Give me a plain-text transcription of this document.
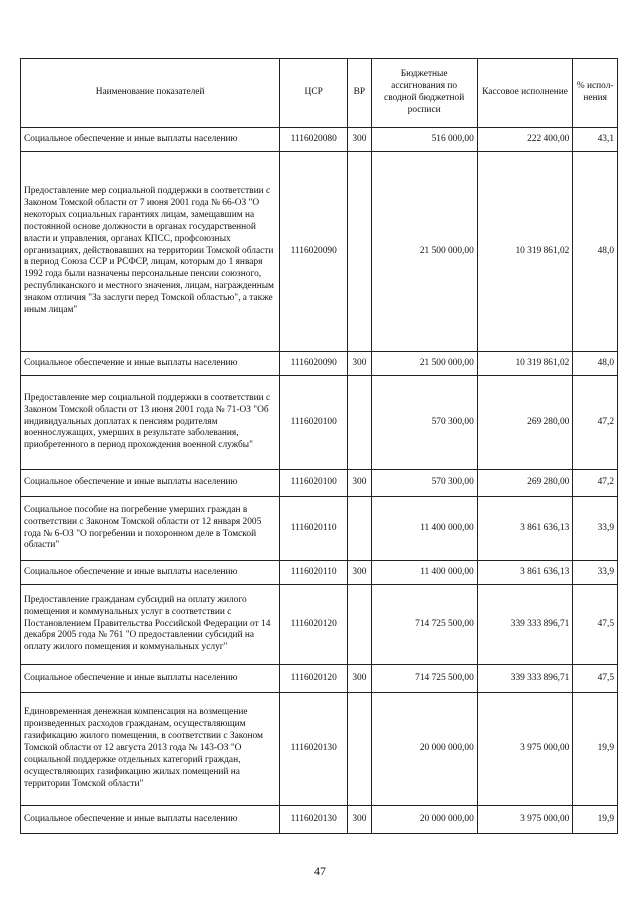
Наименование показателей	ЦСР	ВР	Бюджетные ассигнования по сводной бюджетной росписи	Кассовое исполнение	% испол-нения
Социальное обеспечение и иные выплаты населению	1116020080	300	516 000,00	222 400,00	43,1
Предоставление мер социальной поддержки в соответствии с Законом Томской области от 7 июня 2001 года № 66-ОЗ "О некоторых социальных гарантиях лицам, замещавшим на постоянной основе должности в органах государственной власти и управления, органах КПСС, профсоюзных организациях, действовавших на территории Томской области в период Союза ССР и РСФСР, лицам, которым до 1 января 1992 года были назначены персональные пенсии союзного, республиканского и местного значения, лицам, награжденным знаком отличия "За заслуги перед Томской областью", а также иным лицам"	1116020090		21 500 000,00	10 319 861,02	48,0
Социальное обеспечение и иные выплаты населению	1116020090	300	21 500 000,00	10 319 861,02	48,0
Предоставление мер социальной поддержки в соответствии с Законом Томской области от 13 июня 2001 года № 71-ОЗ "Об индивидуальных доплатах к пенсиям родителям военнослужащих, умерших в результате заболевания, приобретенного в период прохождения военной службы"	1116020100		570 300,00	269 280,00	47,2
Социальное обеспечение и иные выплаты населению	1116020100	300	570 300,00	269 280,00	47,2
Социальное пособие на погребение умерших граждан в соответствии с Законом Томской области от 12 января 2005 года № 6-ОЗ "О погребении и похоронном деле в Томской области"	1116020110		11 400 000,00	3 861 636,13	33,9
Социальное обеспечение и иные выплаты населению	1116020110	300	11 400 000,00	3 861 636,13	33,9
Предоставление гражданам субсидий на оплату жилого помещения и коммунальных услуг в соответствии с Постановлением Правительства Российской Федерации от 14 декабря 2005 года № 761 "О предоставлении субсидий на оплату жилого помещения и коммунальных услуг"	1116020120		714 725 500,00	339 333 896,71	47,5
Социальное обеспечение и иные выплаты населению	1116020120	300	714 725 500,00	339 333 896,71	47,5
Единовременная денежная компенсация на возмещение произведенных расходов гражданам, осуществляющим газификацию жилого помещения, в соответствии с Законом Томской области от 12 августа 2013 года № 143-ОЗ "О социальной поддержке отдельных категорий граждан, осуществляющих газификацию жилых помещений на территории Томской области"	1116020130		20 000 000,00	3 975 000,00	19,9
Социальное обеспечение и иные выплаты населению	1116020130	300	20 000 000,00	3 975 000,00	19,9
47
